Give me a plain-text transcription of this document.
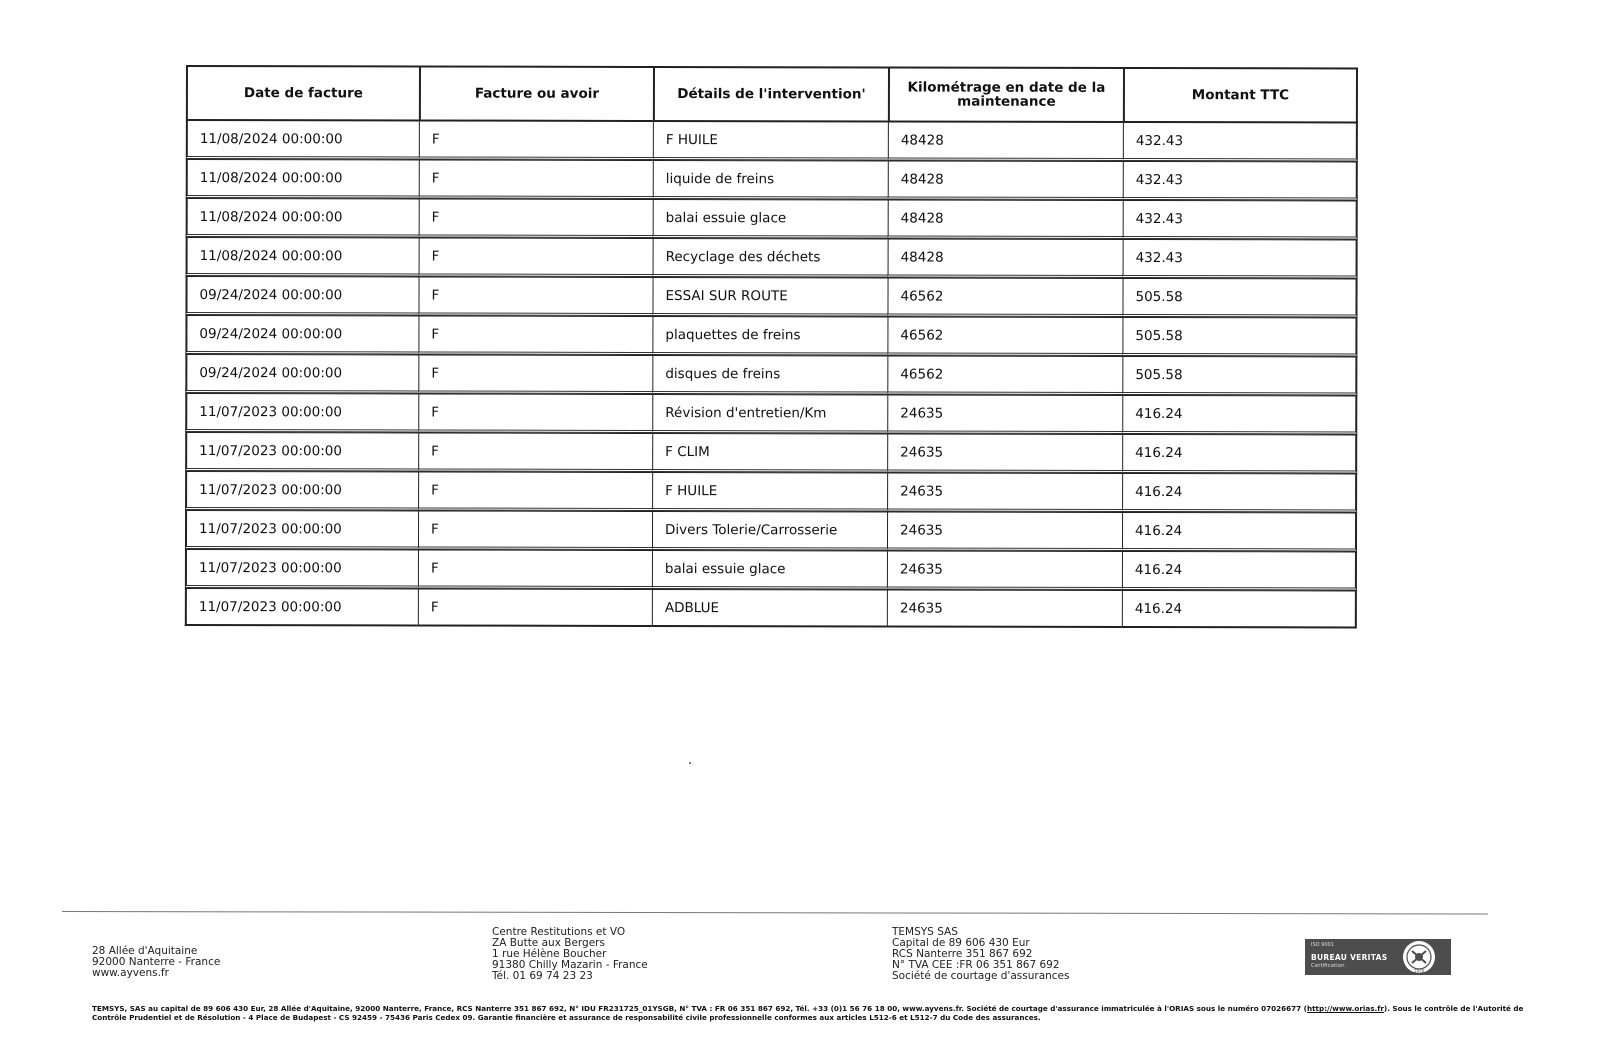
Date de facture	Facture ou avoir	Détails de l'intervention'	Kilométrage en date de la maintenance	Montant TTC
11/08/2024 00:00:00	F	F HUILE	48428	432.43
11/08/2024 00:00:00	F	liquide de freins	48428	432.43
11/08/2024 00:00:00	F	balai essuie glace	48428	432.43
11/08/2024 00:00:00	F	Recyclage des déchets	48428	432.43
09/24/2024 00:00:00	F	ESSAI SUR ROUTE	46562	505.58
09/24/2024 00:00:00	F	plaquettes de freins	46562	505.58
09/24/2024 00:00:00	F	disques de freins	46562	505.58
11/07/2023 00:00:00	F	Révision d'entretien/Km	24635	416.24
11/07/2023 00:00:00	F	F CLIM	24635	416.24
11/07/2023 00:00:00	F	F HUILE	24635	416.24
11/07/2023 00:00:00	F	Divers Tolerie/Carrosserie	24635	416.24
11/07/2023 00:00:00	F	balai essuie glace	24635	416.24
11/07/2023 00:00:00	F	ADBLUE	24635	416.24
28 Allée d'Aquitaine
92000 Nanterre - France
www.ayvens.fr
Centre Restitutions et VO
ZA Butte aux Bergers
1 rue Hélène Boucher
91380 Chilly Mazarin - France
Tél. 01 69 74 23 23
TEMSYS SAS
Capital de 89 606 430 Eur
RCS Nanterre 351 867 692
N° TVA CEE :FR 06 351 867 692
Société de courtage d'assurances
ISO 9001
BUREAU VERITAS
Certification
1828
TEMSYS, SAS au capital de 89 606 430 Eur, 28 Allée d'Aquitaine, 92000 Nanterre, France, RCS Nanterre 351 867 692, N° IDU FR231725_01YSGB, N° TVA : FR 06 351 867 692, Tél. +33 (0)1 56 76 18 00, www.ayvens.fr. Société de courtage d'assurance immatriculée à l'ORIAS sous le numéro 07026677 (http://www.orias.fr). Sous le contrôle de l'Autorité de
Contrôle Prudentiel et de Résolution - 4 Place de Budapest - CS 92459 - 75436 Paris Cedex 09. Garantie financière et assurance de responsabilité civile professionnelle conformes aux articles L512-6 et L512-7 du Code des assurances.
